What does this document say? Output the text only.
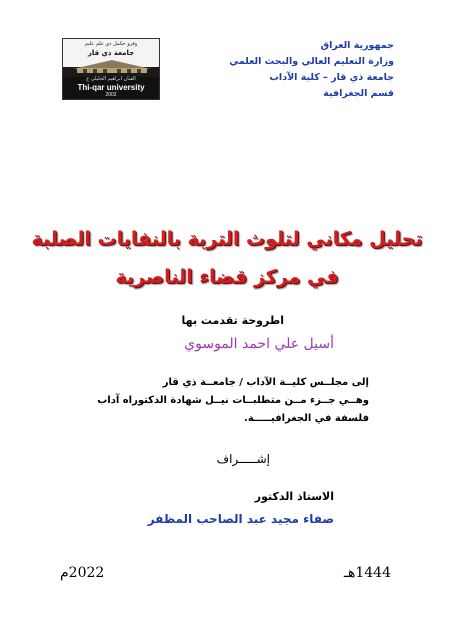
جمهورية العراق
وزارة التعليم العالي والبحث العلمي
جامعة ذي قار – كلية الآداب
قسم الجغرافية
وقرو حكمل ذي علم عليم
جامعة ذي قار
الفنان ابراهيم الخليلي ع
Thi-qar university
2002
تحليل مكاني لتلوث التربة بالنفايات الصلبة
في مركز قضاء الناصرية
اطروحة تقدمت بها
أسيل علي احمد الموسوي
إلى مجلــس كليــة الآداب / جامعــة ذي قار
وهــي جــزء مــن متطلبــات نيــل شهادة الدكتوراه آداب
فلسفة في الجغرافيـــــة.
إشـــــراف
الاستاذ الدكتور
صفاء مجيد عبد الصاحب المظفر
1444هـ
2022م
